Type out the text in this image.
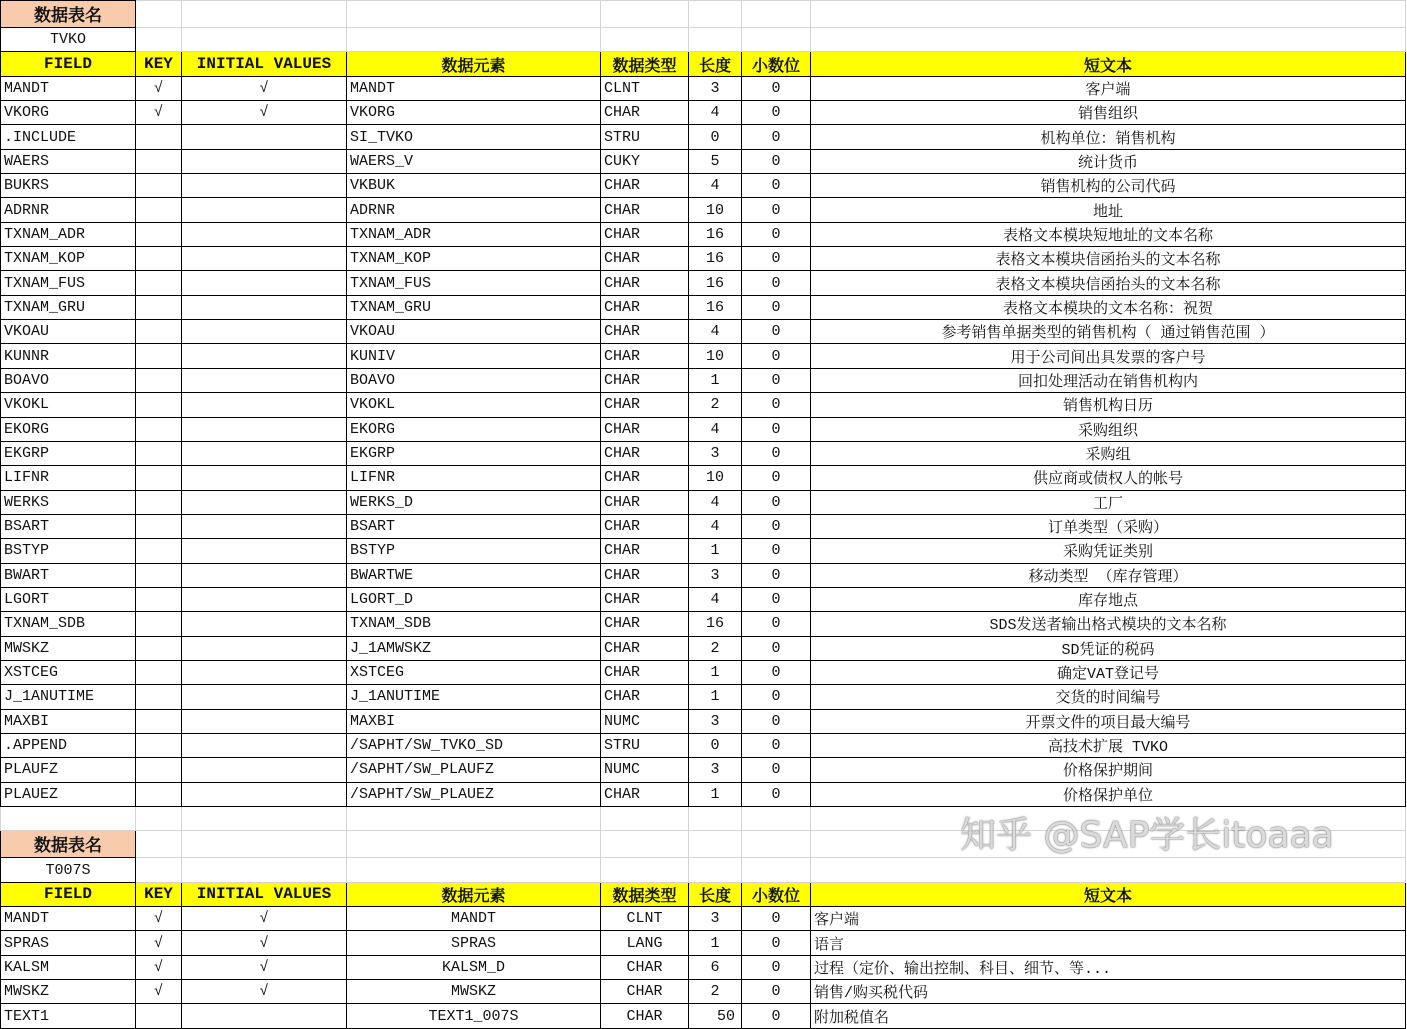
数据表名							
TVKO							
FIELD	KEY	INITIAL VALUES	数据元素	数据类型	长度	小数位	短文本
MANDT	√	√	MANDT	CLNT	3	0	客户端
VKORG	√	√	VKORG	CHAR	4	0	销售组织
.INCLUDE			SI_TVKO	STRU	0	0	机构单位：销售机构
WAERS			WAERS_V	CUKY	5	0	统计货币
BUKRS			VKBUK	CHAR	4	0	销售机构的公司代码
ADRNR			ADRNR	CHAR	10	0	地址
TXNAM_ADR			TXNAM_ADR	CHAR	16	0	表格文本模块短地址的文本名称
TXNAM_KOP			TXNAM_KOP	CHAR	16	0	表格文本模块信函抬头的文本名称
TXNAM_FUS			TXNAM_FUS	CHAR	16	0	表格文本模块信函抬头的文本名称
TXNAM_GRU			TXNAM_GRU	CHAR	16	0	表格文本模块的文本名称：祝贺
VKOAU			VKOAU	CHAR	4	0	参考销售单据类型的销售机构（ 通过销售范围 ）
KUNNR			KUNIV	CHAR	10	0	用于公司间出具发票的客户号
BOAVO			BOAVO	CHAR	1	0	回扣处理活动在销售机构内
VKOKL			VKOKL	CHAR	2	0	销售机构日历
EKORG			EKORG	CHAR	4	0	采购组织
EKGRP			EKGRP	CHAR	3	0	采购组
LIFNR			LIFNR	CHAR	10	0	供应商或债权人的帐号
WERKS			WERKS_D	CHAR	4	0	工厂
BSART			BSART	CHAR	4	0	订单类型（采购）
BSTYP			BSTYP	CHAR	1	0	采购凭证类别
BWART			BWARTWE	CHAR	3	0	移动类型 （库存管理）
LGORT			LGORT_D	CHAR	4	0	库存地点
TXNAM_SDB			TXNAM_SDB	CHAR	16	0	SDS发送者输出格式模块的文本名称
MWSKZ			J_1AMWSKZ	CHAR	2	0	SD凭证的税码
XSTCEG			XSTCEG	CHAR	1	0	确定VAT登记号
J_1ANUTIME			J_1ANUTIME	CHAR	1	0	交货的时间编号
MAXBI			MAXBI	NUMC	3	0	开票文件的项目最大编号
.APPEND			/SAPHT/SW_TVKO_SD	STRU	0	0	高技术扩展 TVKO
PLAUFZ			/SAPHT/SW_PLAUFZ	NUMC	3	0	价格保护期间
PLAUEZ			/SAPHT/SW_PLAUEZ	CHAR	1	0	价格保护单位

数据表名							
T007S							
FIELD	KEY	INITIAL VALUES	数据元素	数据类型	长度	小数位	短文本
MANDT	√	√	MANDT	CLNT	3	0	客户端
SPRAS	√	√	SPRAS	LANG	1	0	语言
KALSM	√	√	KALSM_D	CHAR	6	0	过程（定价、输出控制、科目、细节、等...
MWSKZ	√	√	MWSKZ	CHAR	2	0	销售/购买税代码
TEXT1			TEXT1_007S	CHAR	50	0	附加税值名
知乎 @SAP学长itoaaa
